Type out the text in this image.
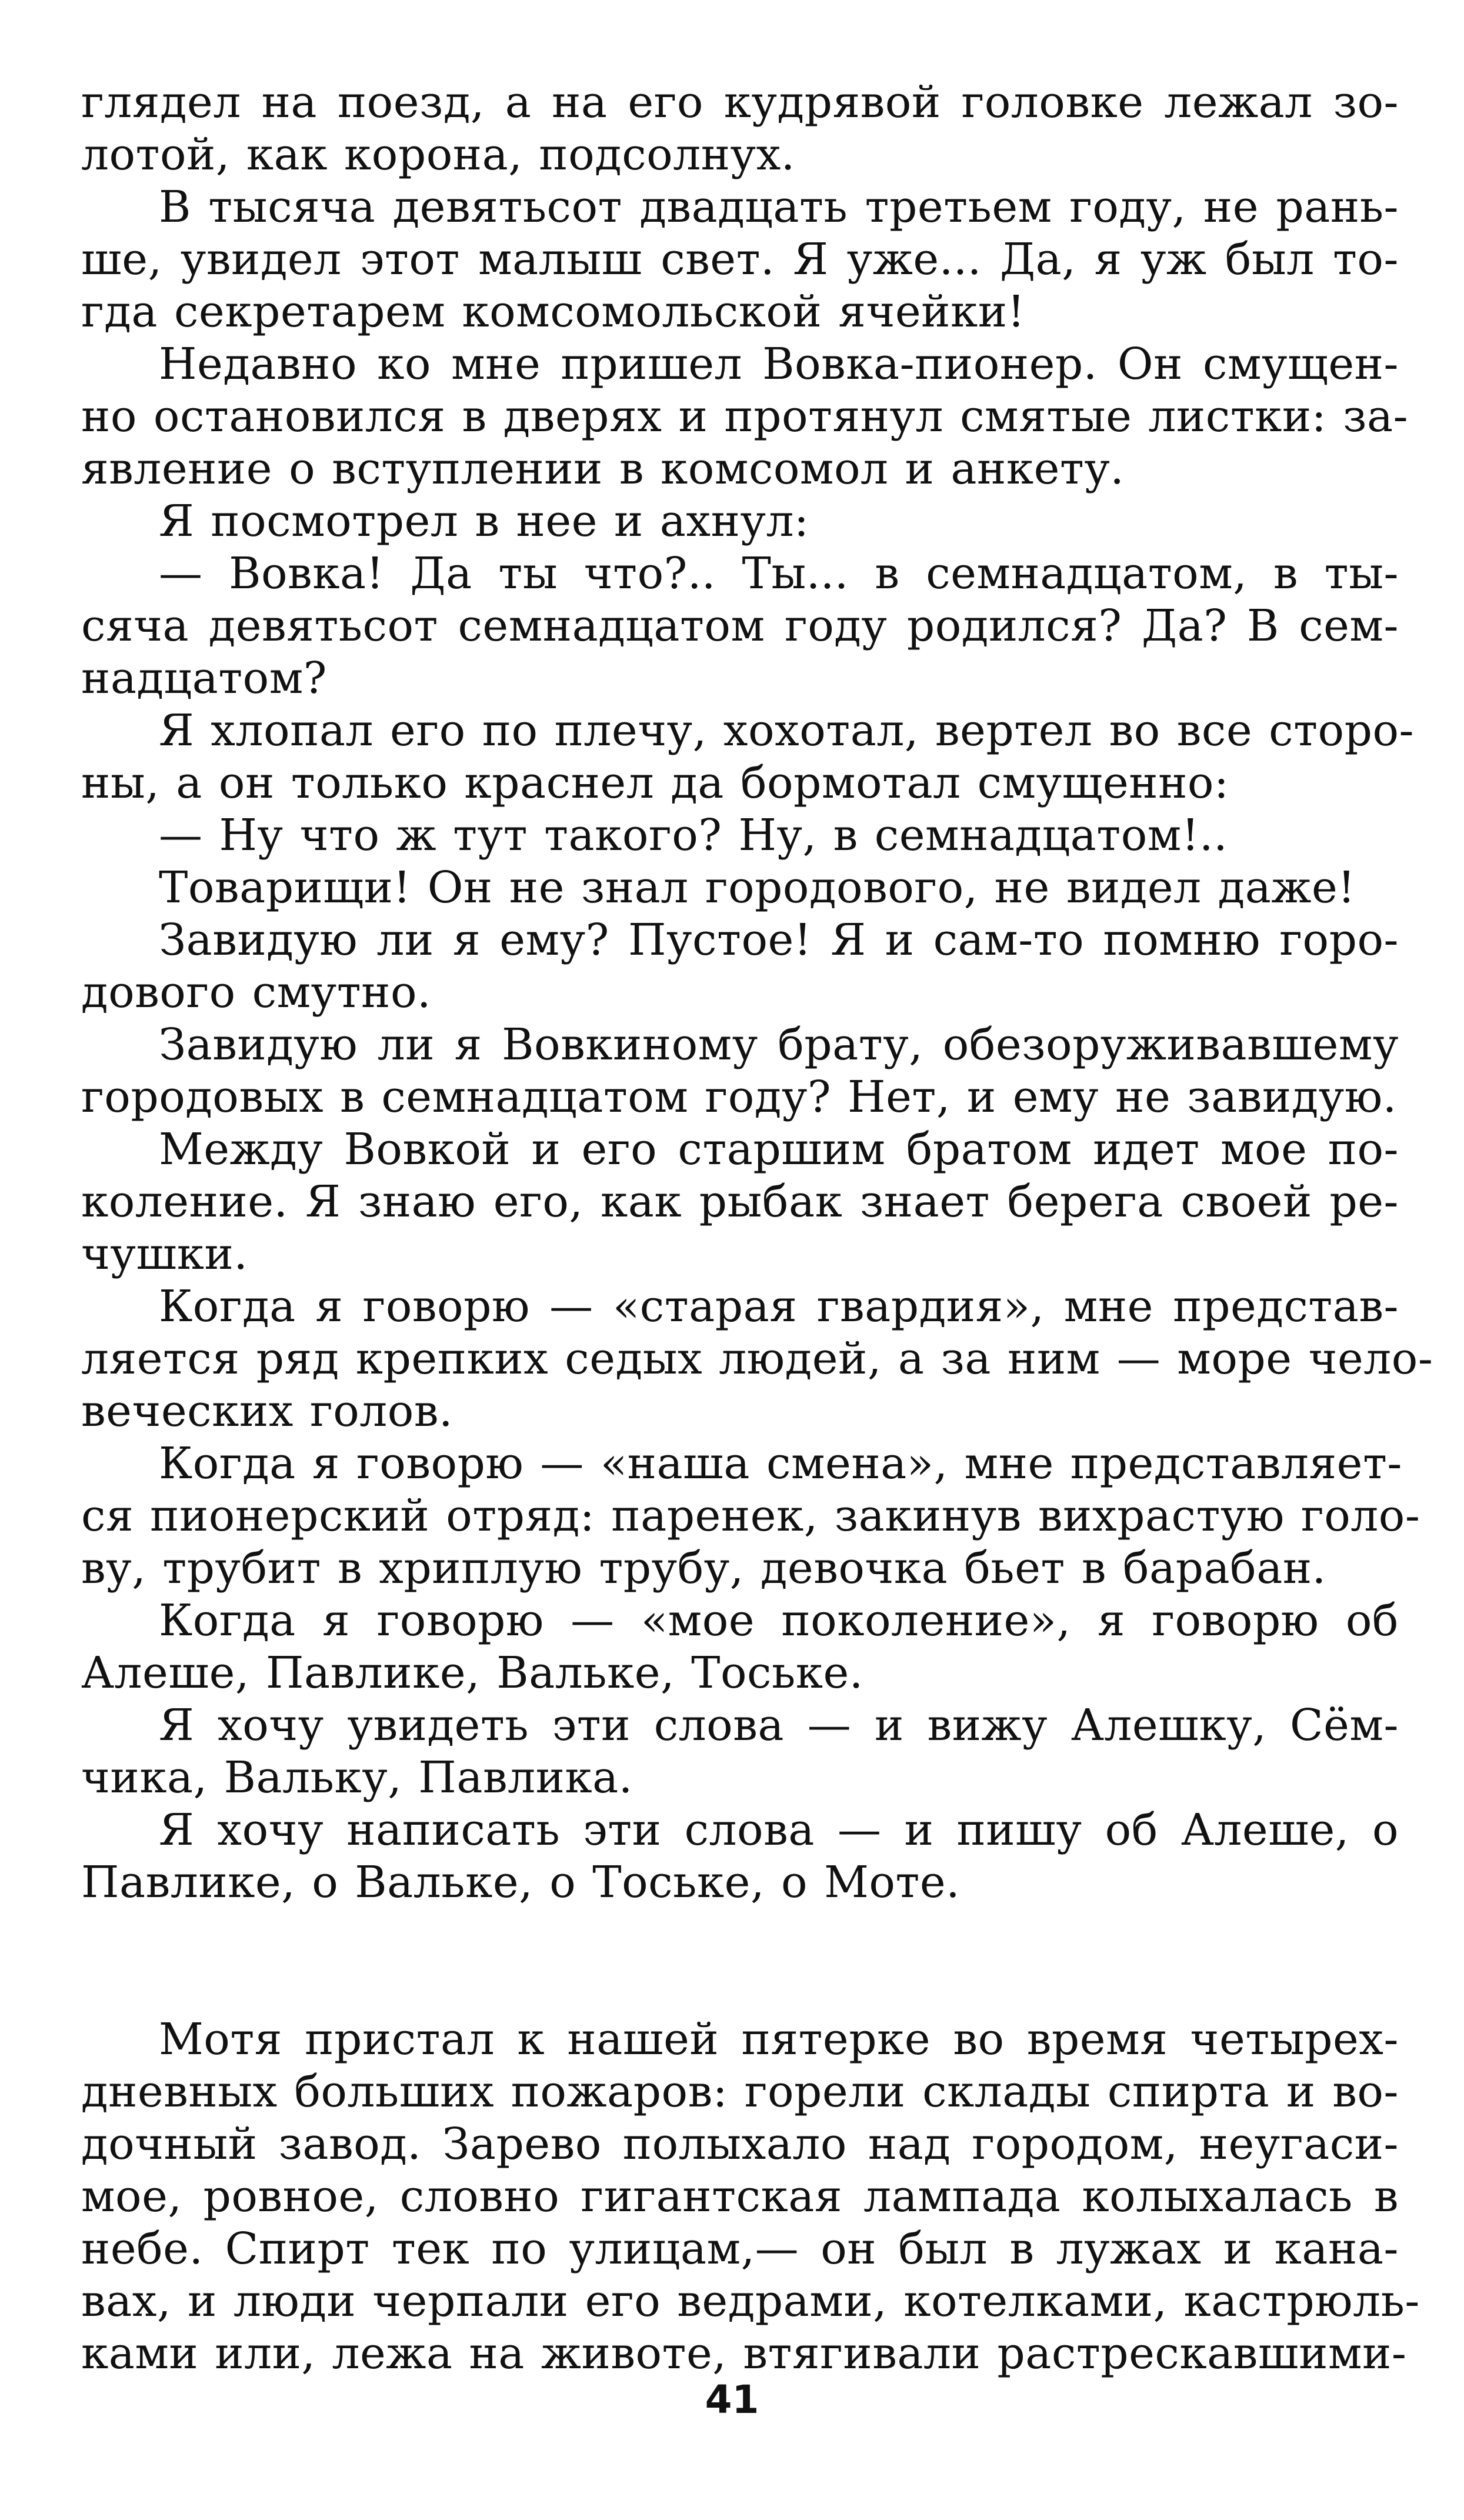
глядел на поезд, а на его кудрявой головке лежал зо-
лотой, как корона, подсолнух.

В тысяча девятьсот двадцать третьем году, не рань-
ше, увидел этот малыш свет. Я уже... Да, я уж был то-
гда секретарем комсомольской ячейки!

Недавно ко мне пришел Вовка-пионер. Он смущен-
но остановился в дверях и протянул смятые листки: за-
явление о вступлении в комсомол и анкету.

Я посмотрел в нее и ахнул:

— Вовка! Да ты что?.. Ты... в семнадцатом, в ты-
сяча девятьсот семнадцатом году родился? Да? В сем-
надцатом?

Я хлопал его по плечу, хохотал, вертел во все сторо-
ны, а он только краснел да бормотал смущенно:

— Ну что ж тут такого? Ну, в семнадцатом!..

Товарищи! Он не знал городового, не видел даже!

Завидую ли я ему? Пустое! Я и сам-то помню горо-
дового смутно.

Завидую ли я Вовкиному брату, обезоруживавшему
городовых в семнадцатом году? Нет, и ему не завидую.

Между Вовкой и его старшим братом идет мое по-
коление. Я знаю его, как рыбак знает берега своей ре-
чушки.

Когда я говорю — «старая гвардия», мне представ-
ляется ряд крепких седых людей, а за ним — море чело-
веческих голов.

Когда я говорю — «наша смена», мне представляет-
ся пионерский отряд: паренек, закинув вихрастую голо-
ву, трубит в хриплую трубу, девочка бьет в барабан.

Когда я говорю — «мое поколение», я говорю об
Алеше, Павлике, Вальке, Тоське.

Я хочу увидеть эти слова — и вижу Алешку, Сём-
чика, Вальку, Павлика.

Я хочу написать эти слова — и пишу об Алеше, о
Павлике, о Вальке, о Тоське, о Моте.

Мотя пристал к нашей пятерке во время четырех-
дневных больших пожаров: горели склады спирта и во-
дочный завод. Зарево полыхало над городом, неугаси-
мое, ровное, словно гигантская лампада колыхалась в
небе. Спирт тек по улицам,— он был в лужах и кана-
вах, и люди черпали его ведрами, котелками, кастрюль-
ками или, лежа на животе, втягивали растрескавшими-

41
